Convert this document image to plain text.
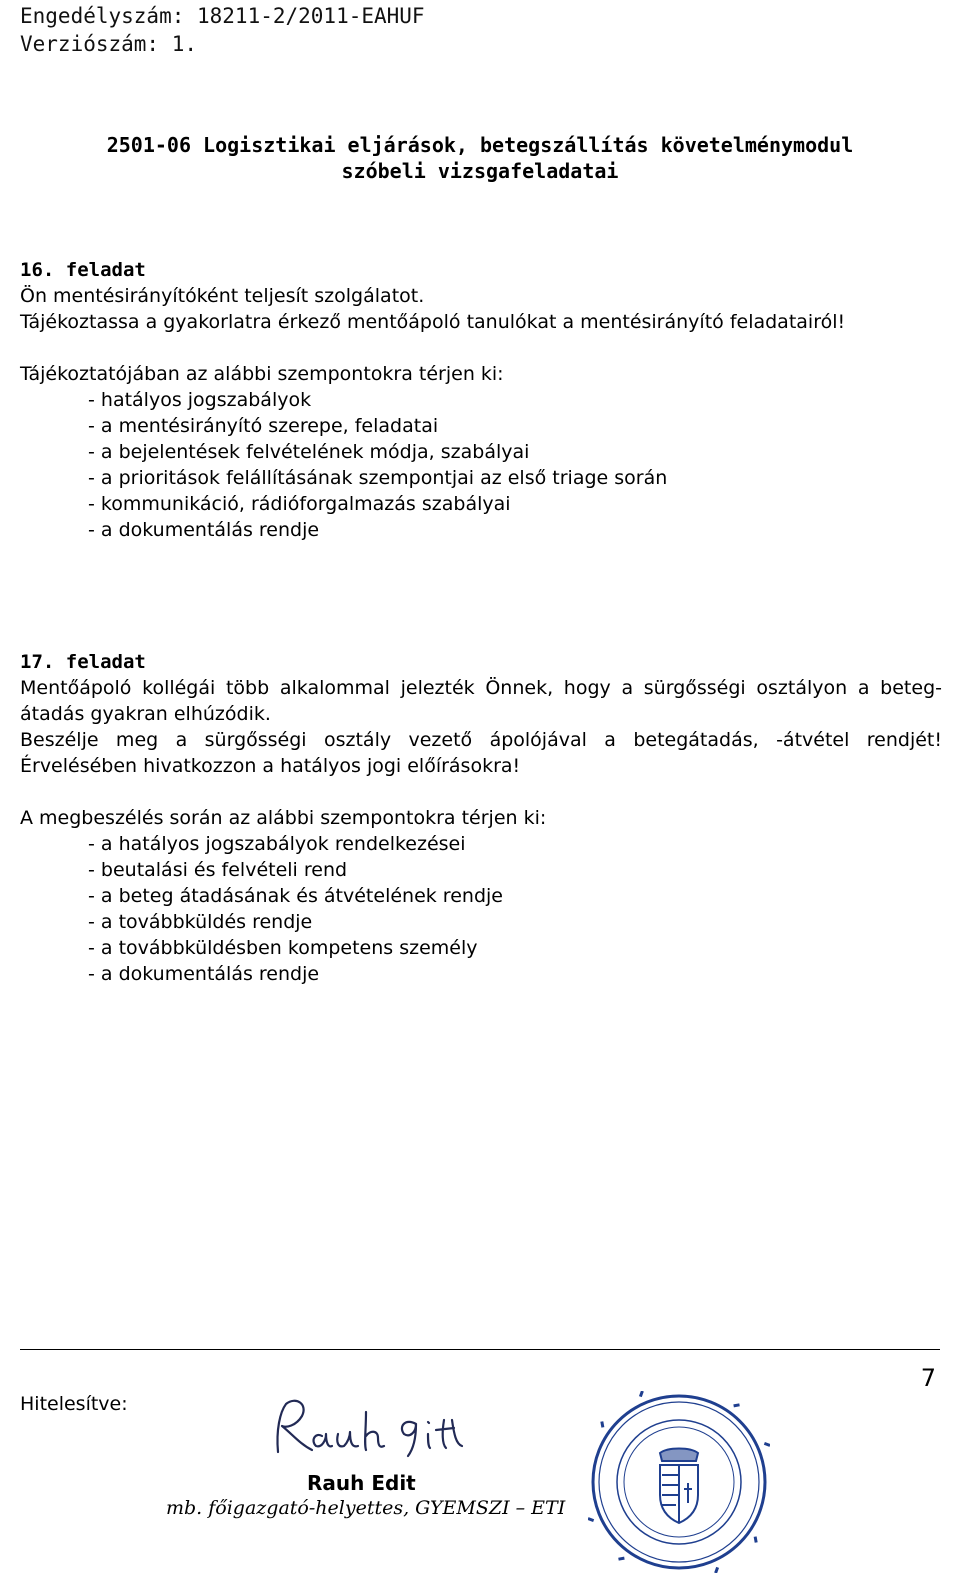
Engedélyszám: 18211-2/2011-EAHUF
Verziószám: 1.
2501-06 Logisztikai eljárások, betegszállítás követelménymodul
szóbeli vizsgafeladatai

16. feladat

Ön mentésirányítóként teljesít szolgálatot.

Tájékoztassa a gyakorlatra érkező mentőápoló tanulókat a mentésirányító feladatairól!

Tájékoztatójában az alábbi szempontokra térjen ki:

- hatályos jogszabályok
- a mentésirányító szerepe, feladatai
- a bejelentések felvételének módja, szabályai
- a prioritások felállításának szempontjai az első triage során
- kommunikáció, rádióforgalmazás szabályai
- a dokumentálás rendje

17. feladat

Mentőápoló kollégái több alkalommal jelezték Önnek, hogy a sürgősségi osztályon a beteg-átadás gyakran elhúzódik.

Beszélje meg a sürgősségi osztály vezető ápolójával a betegátadás, -átvétel rendjét! Érvelésében hivatkozzon a hatályos jogi előírásokra!

A megbeszélés során az alábbi szempontokra térjen ki:

- a hatályos jogszabályok rendelkezései
- beutalási és felvételi rend
- a beteg átadásának és átvételének rendje
- a továbbküldés rendje
- a továbbküldésben kompetens személy
- a dokumentálás rendje
7
Hitelesítve:
Rauh Edit
mb. főigazgató-helyettes, GYEMSZI – ETI
